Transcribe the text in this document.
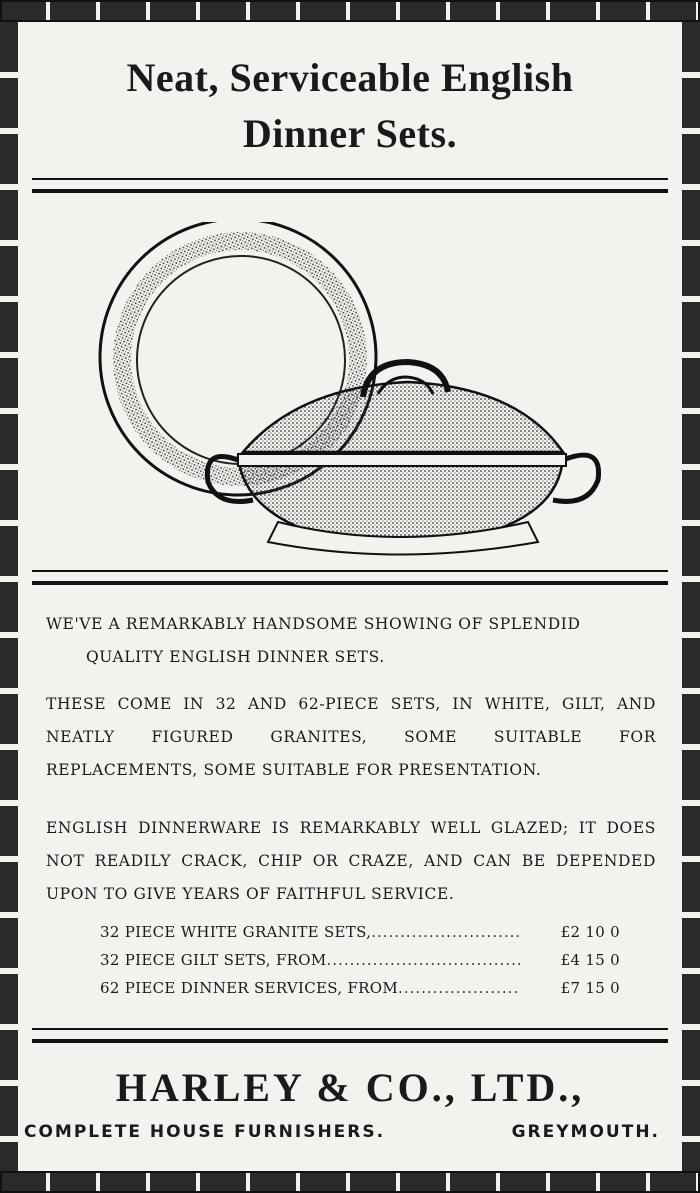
Neat, Serviceable English
Dinner Sets.
WE'VE A REMARKABLY HANDSOME SHOWING OF SPLENDID
QUALITY ENGLISH DINNER SETS.
THESE COME IN 32 AND 62-PIECE SETS, IN WHITE, GILT, AND NEATLY FIGURED GRANITES, SOME SUITABLE FOR REPLACEMENTS, SOME SUITABLE FOR PRESENTATION.
ENGLISH DINNERWARE IS REMARKABLY WELL GLAZED; IT DOES NOT READILY CRACK, CHIP OR CRAZE, AND CAN BE DEPENDED UPON TO GIVE YEARS OF FAITHFUL SERVICE.
32 PIECE WHITE GRANITE SETS, .....	£2 10 0
32 PIECE GILT SETS, FROM .....	£4 15 0
62 PIECE DINNER SERVICES, FROM .....	£7 15 0
HARLEY & CO., LTD.,
COMPLETE HOUSE FURNISHERS.	GREYMOUTH.
